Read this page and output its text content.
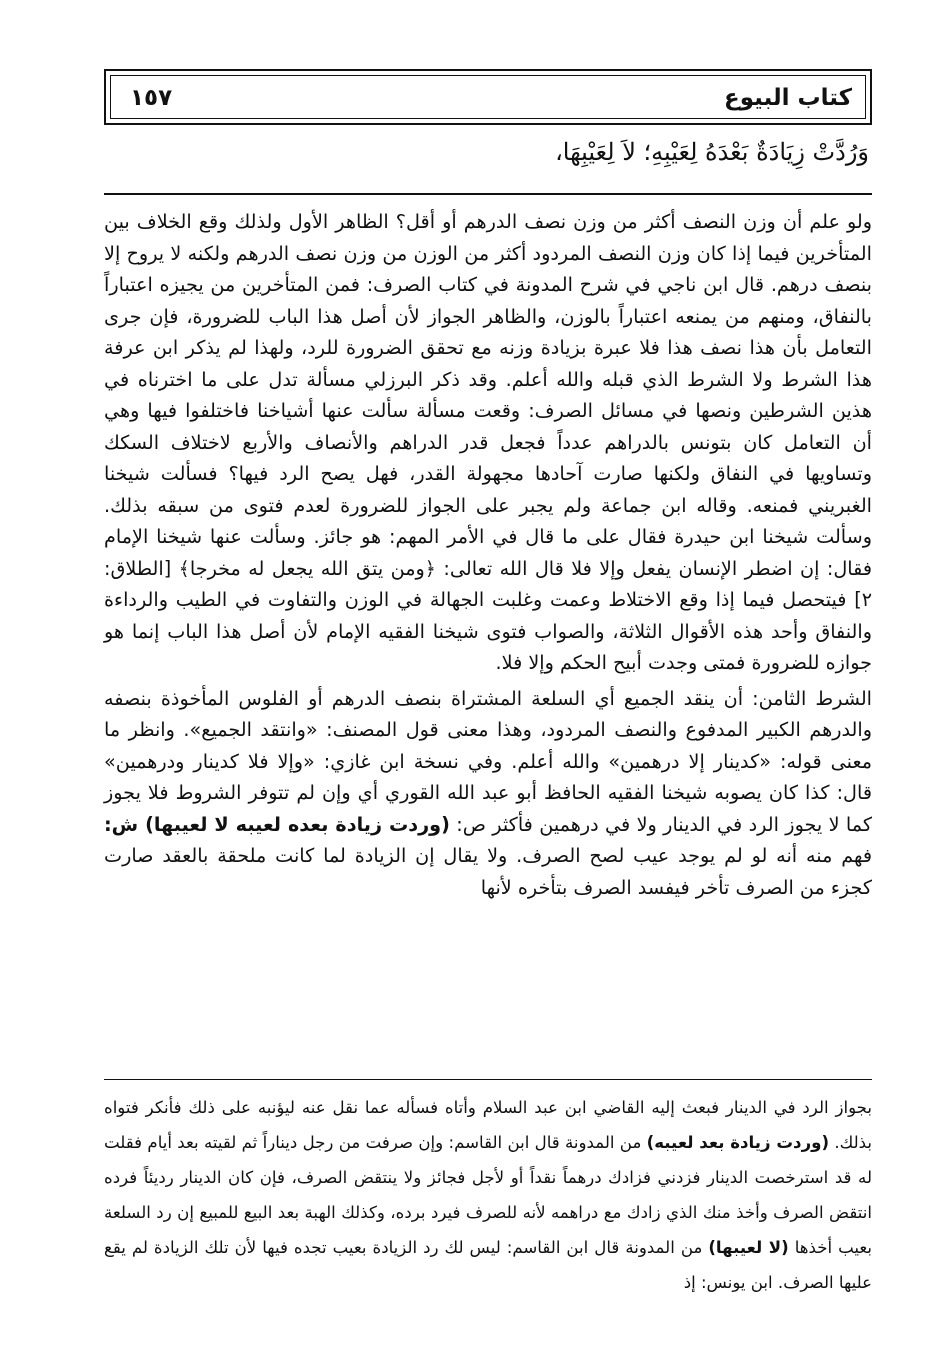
كتاب البيوع
١٥٧
وَرُدَّتْ زِيَادَةٌ بَعْدَهُ لِعَيْبِهِ؛ لاَ لِعَيْبِهَا،

ولو علم أن وزن النصف أكثر من وزن نصف الدرهم أو أقل؟ الظاهر الأول ولذلك وقع الخلاف بين المتأخرين فيما إذا كان وزن النصف المردود أكثر من الوزن من وزن نصف الدرهم ولكنه لا يروح إلا بنصف درهم. قال ابن ناجي في شرح المدونة في كتاب الصرف: فمن المتأخرين من يجيزه اعتباراً بالنفاق، ومنهم من يمنعه اعتباراً بالوزن، والظاهر الجواز لأن أصل هذا الباب للضرورة، فإن جرى التعامل بأن هذا نصف هذا فلا عبرة بزيادة وزنه مع تحقق الضرورة للرد، ولهذا لم يذكر ابن عرفة هذا الشرط ولا الشرط الذي قبله والله أعلم. وقد ذكر البرزلي مسألة تدل على ما اخترناه في هذين الشرطين ونصها في مسائل الصرف: وقعت مسألة سألت عنها أشياخنا فاختلفوا فيها وهي أن التعامل كان بتونس بالدراهم عدداً فجعل قدر الدراهم والأنصاف والأربع لاختلاف السكك وتساويها في النفاق ولكنها صارت آحادها مجهولة القدر، فهل يصح الرد فيها؟ فسألت شيخنا الغبريني فمنعه. وقاله ابن جماعة ولم يجبر على الجواز للضرورة لعدم فتوى من سبقه بذلك. وسألت شيخنا ابن حيدرة فقال على ما قال في الأمر المهم: هو جائز. وسألت عنها شيخنا الإمام فقال: إن اضطر الإنسان يفعل وإلا فلا قال الله تعالى: ﴿ومن يتق الله يجعل له مخرجا﴾ [الطلاق: ٢] فيتحصل فيما إذا وقع الاختلاط وعمت وغلبت الجهالة في الوزن والتفاوت في الطيب والرداءة والنفاق وأحد هذه الأقوال الثلاثة، والصواب فتوى شيخنا الفقيه الإمام لأن أصل هذا الباب إنما هو جوازه للضرورة فمتى وجدت أبيح الحكم وإلا فلا.

الشرط الثامن: أن ينقد الجميع أي السلعة المشتراة بنصف الدرهم أو الفلوس المأخوذة بنصفه والدرهم الكبير المدفوع والنصف المردود، وهذا معنى قول المصنف: «وانتقد الجميع». وانظر ما معنى قوله: «كدينار إلا درهمين» والله أعلم. وفي نسخة ابن غازي: «وإلا فلا كدينار ودرهمين» قال: كذا كان يصوبه شيخنا الفقيه الحافظ أبو عبد الله القوري أي وإن لم تتوفر الشروط فلا يجوز كما لا يجوز الرد في الدينار ولا في درهمين فأكثر ص: (وردت زيادة بعده لعيبه لا لعيبها) ش: فهم منه أنه لو لم يوجد عيب لصح الصرف. ولا يقال إن الزيادة لما كانت ملحقة بالعقد صارت كجزء من الصرف تأخر فيفسد الصرف بتأخره لأنها

بجواز الرد في الدينار فبعث إليه القاضي ابن عبد السلام وأتاه فسأله عما نقل عنه ليؤنبه على ذلك فأنكر فتواه بذلك. (وردت زيادة بعد لعيبه) من المدونة قال ابن القاسم: وإن صرفت من رجل ديناراً ثم لقيته بعد أيام فقلت له قد استرخصت الدينار فزدني فزادك درهماً نقداً أو لأجل فجائز ولا ينتقض الصرف، فإن كان الدينار رديئاً فرده انتقض الصرف وأخذ منك الذي زادك مع دراهمه لأنه للصرف فيرد برده، وكذلك الهبة بعد البيع للمبيع إن رد السلعة بعيب أخذها (لا لعيبها) من المدونة قال ابن القاسم: ليس لك رد الزيادة بعيب تجده فيها لأن تلك الزيادة لم يقع عليها الصرف. ابن يونس: إذ
